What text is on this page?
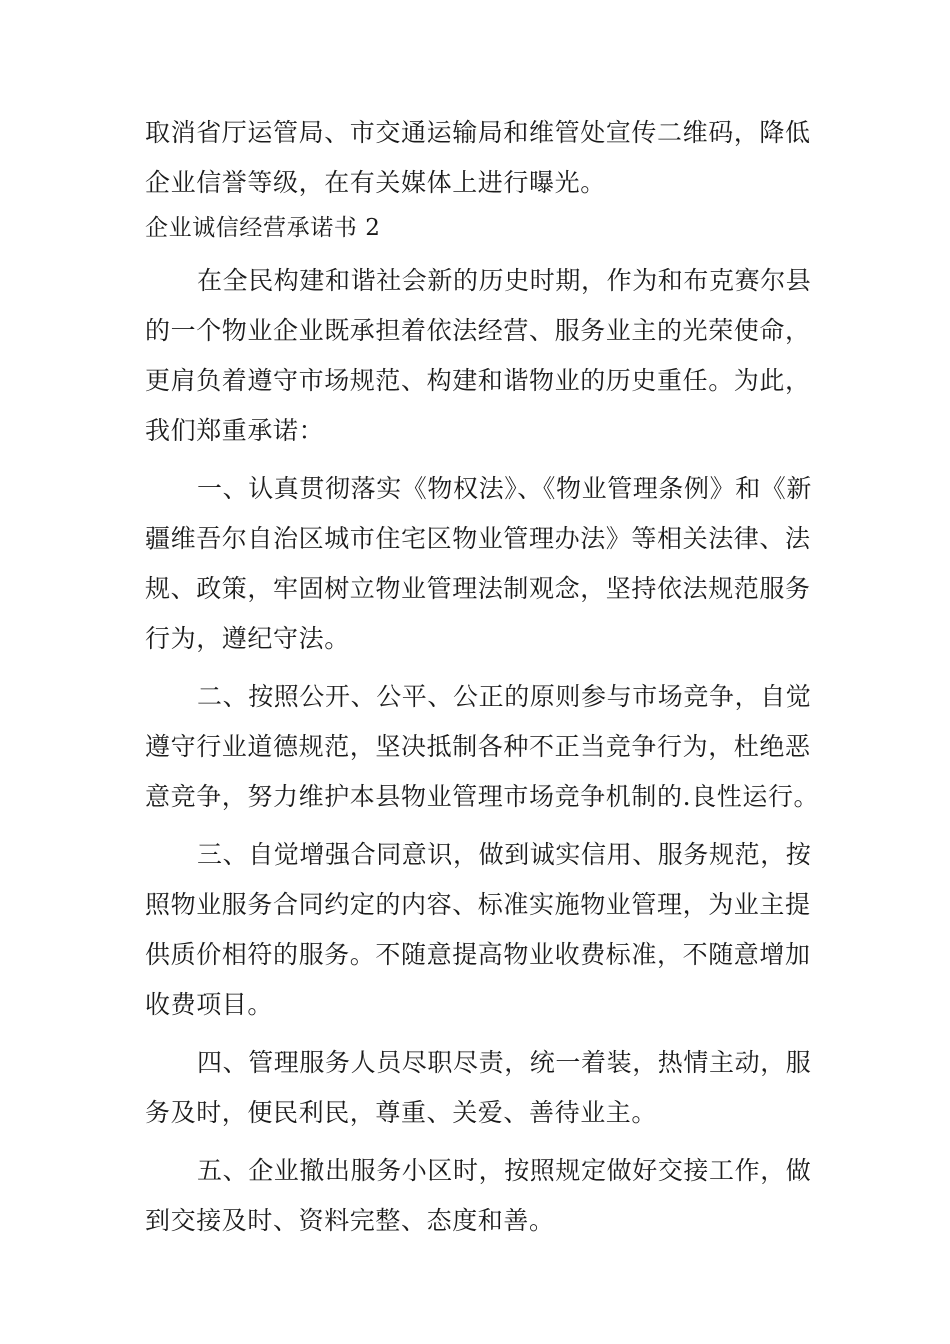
取消省厅运管局、市交通运输局和维管处宣传二维码，降低
企业信誉等级，在有关媒体上进行曝光。
企业诚信经营承诺书 2
在全民构建和谐社会新的历史时期，作为和布克赛尔县
的一个物业企业既承担着依法经营、服务业主的光荣使命，
更肩负着遵守市场规范、构建和谐物业的历史重任。为此，
我们郑重承诺：
一、认真贯彻落实《物权法》、《物业管理条例》和《新
疆维吾尔自治区城市住宅区物业管理办法》等相关法律、法
规、政策，牢固树立物业管理法制观念，坚持依法规范服务
行为，遵纪守法。
二、按照公开、公平、公正的原则参与市场竞争，自觉
遵守行业道德规范，坚决抵制各种不正当竞争行为，杜绝恶
意竞争，努力维护本县物业管理市场竞争机制的.良性运行。
三、自觉增强合同意识，做到诚实信用、服务规范，按
照物业服务合同约定的内容、标准实施物业管理，为业主提
供质价相符的服务。不随意提高物业收费标准，不随意增加
收费项目。
四、管理服务人员尽职尽责，统一着装，热情主动，服
务及时，便民利民，尊重、关爱、善待业主。
五、企业撤出服务小区时，按照规定做好交接工作，做
到交接及时、资料完整、态度和善。
